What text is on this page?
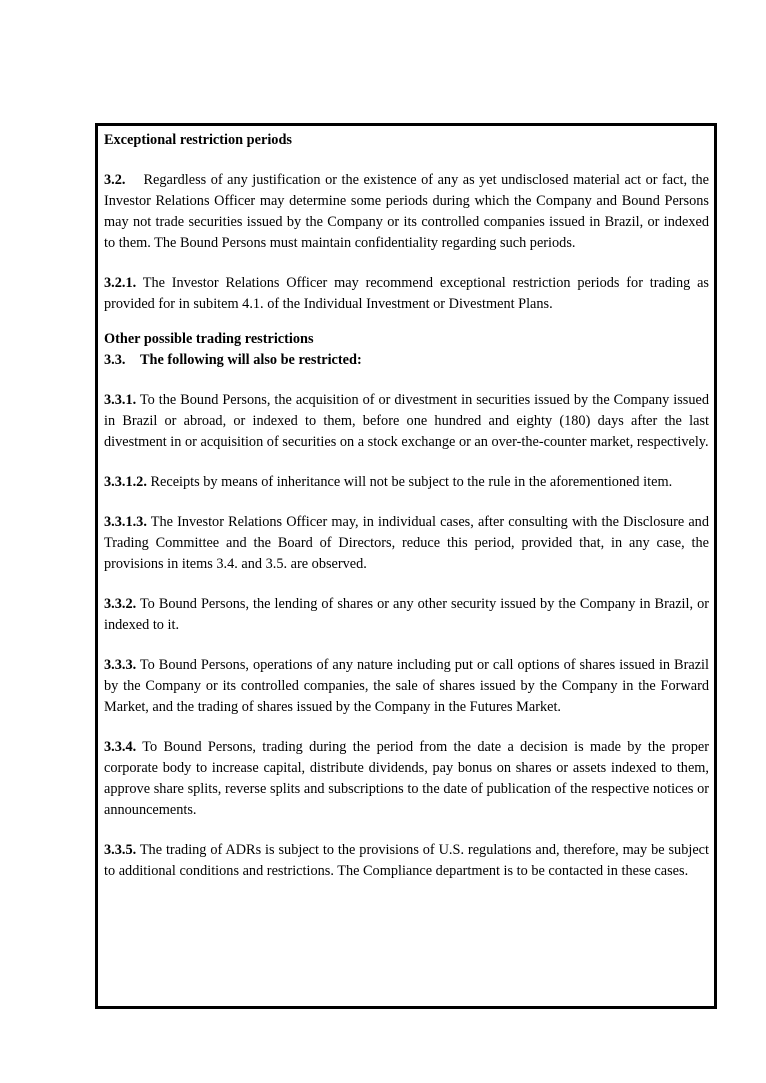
Exceptional restriction periods

3.2. Regardless of any justification or the existence of any as yet undisclosed material act or fact, the Investor Relations Officer may determine some periods during which the Company and Bound Persons may not trade securities issued by the Company or its controlled companies issued in Brazil, or indexed to them. The Bound Persons must maintain confidentiality regarding such periods.

3.2.1. The Investor Relations Officer may recommend exceptional restriction periods for trading as provided for in subitem 4.1. of the Individual Investment or Divestment Plans.

Other possible trading restrictions

3.3. The following will also be restricted:

3.3.1. To the Bound Persons, the acquisition of or divestment in securities issued by the Company issued in Brazil or abroad, or indexed to them, before one hundred and eighty (180) days after the last divestment in or acquisition of securities on a stock exchange or an over-the-counter market, respectively.

3.3.1.2. Receipts by means of inheritance will not be subject to the rule in the aforementioned item.

3.3.1.3. The Investor Relations Officer may, in individual cases, after consulting with the Disclosure and Trading Committee and the Board of Directors, reduce this period, provided that, in any case, the provisions in items 3.4. and 3.5. are observed.

3.3.2. To Bound Persons, the lending of shares or any other security issued by the Company in Brazil, or indexed to it.

3.3.3. To Bound Persons, operations of any nature including put or call options of shares issued in Brazil by the Company or its controlled companies, the sale of shares issued by the Company in the Forward Market, and the trading of shares issued by the Company in the Futures Market.

3.3.4. To Bound Persons, trading during the period from the date a decision is made by the proper corporate body to increase capital, distribute dividends, pay bonus on shares or assets indexed to them, approve share splits, reverse splits and subscriptions to the date of publication of the respective notices or announcements.

3.3.5. The trading of ADRs is subject to the provisions of U.S. regulations and, therefore, may be subject to additional conditions and restrictions. The Compliance department is to be contacted in these cases.
